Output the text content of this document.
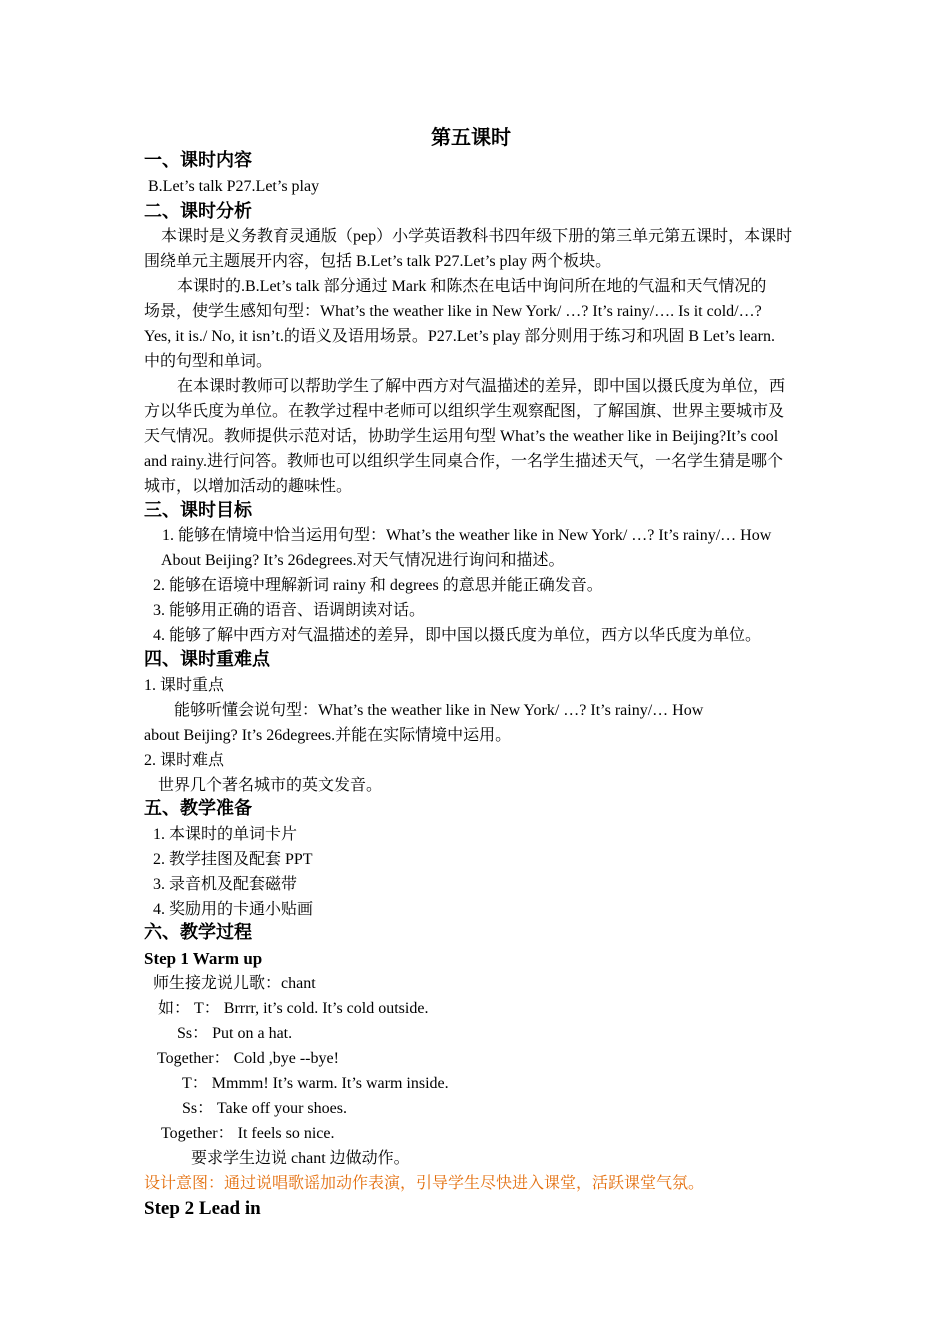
第五课时
一、课时内容
B.Let’s talk P27.Let’s play
二、课时分析
本课时是义务教育灵通版（pep）小学英语教科书四年级下册的第三单元第五课时，本课时
围绕单元主题展开内容，包括 B.Let’s talk P27.Let’s play 两个板块。
本课时的.B.Let’s talk 部分通过 Mark 和陈杰在电话中询问所在地的气温和天气情况的
场景，使学生感知句型：What’s the weather like in New York/ …? It’s rainy/…. Is it cold/…?
Yes, it is./ No, it isn’t.的语义及语用场景。P27.Let’s play 部分则用于练习和巩固 B Let’s learn.
中的句型和单词。
在本课时教师可以帮助学生了解中西方对气温描述的差异，即中国以摄氏度为单位，西
方以华氏度为单位。在教学过程中老师可以组织学生观察配图，了解国旗、世界主要城市及
天气情况。教师提供示范对话，协助学生运用句型 What’s the weather like in Beijing?It’s cool
and rainy.进行问答。教师也可以组织学生同桌合作，一名学生描述天气，一名学生猜是哪个
城市，以增加活动的趣味性。
三、课时目标
1. 能够在情境中恰当运用句型：What’s the weather like in New York/ …? It’s rainy/… How
About Beijing? It’s 26degrees.对天气情况进行询问和描述。
2. 能够在语境中理解新词 rainy 和 degrees 的意思并能正确发音。
3. 能够用正确的语音、语调朗读对话。
4. 能够了解中西方对气温描述的差异，即中国以摄氏度为单位，西方以华氏度为单位。
四、课时重难点
1. 课时重点
能够听懂会说句型：What’s the weather like in New York/ …? It’s rainy/… How
about Beijing? It’s 26degrees.并能在实际情境中运用。
2. 课时难点
世界几个著名城市的英文发音。
五、教学准备
1. 本课时的单词卡片
2. 教学挂图及配套 PPT
3. 录音机及配套磁带
4. 奖励用的卡通小贴画
六、教学过程
Step 1 Warm up
师生接龙说儿歌：chant
如： T： Brrrr, it’s cold. It’s cold outside.
Ss： Put on a hat.
Together： Cold ,bye --bye!
T： Mmmm! It’s warm. It’s warm inside.
Ss： Take off your shoes.
Together： It feels so nice.
要求学生边说 chant 边做动作。
设计意图：通过说唱歌谣加动作表演，引导学生尽快进入课堂，活跃课堂气氛。
Step 2 Lead in
